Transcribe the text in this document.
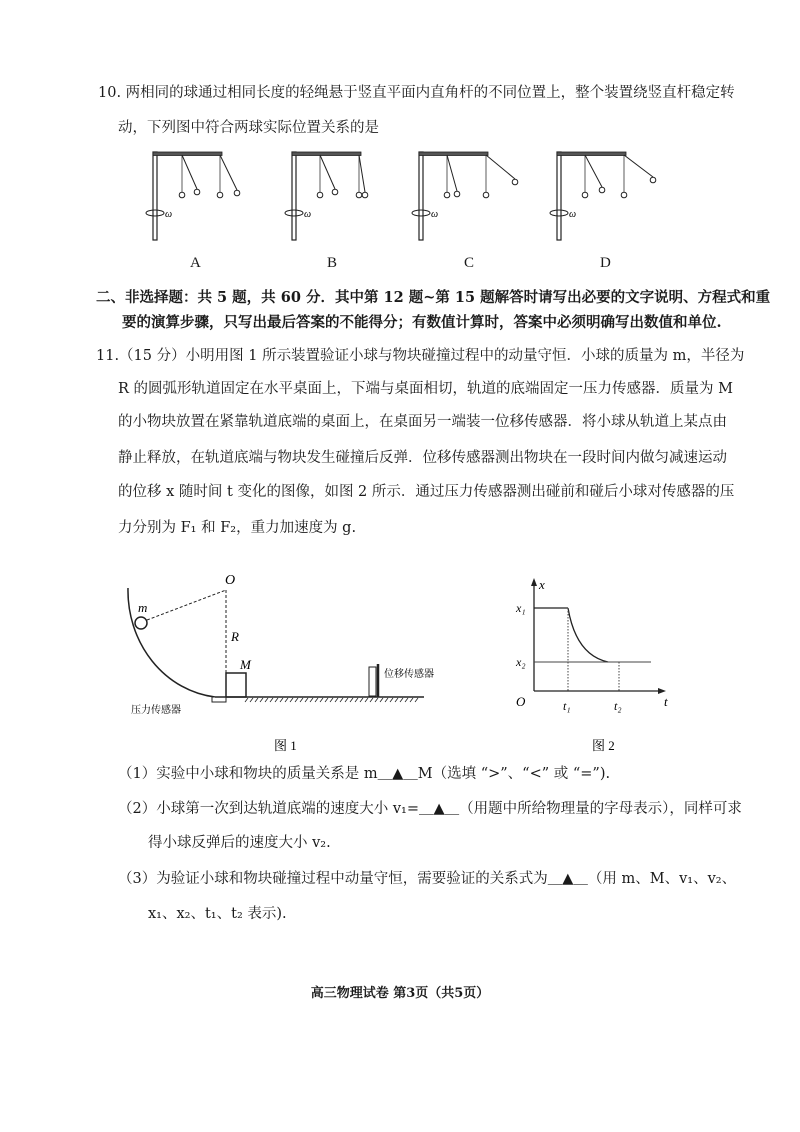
10. 两相同的球通过相同长度的轻绳悬于竖直平面内直角杆的不同位置上，整个装置绕竖直杆稳定转
动，下列图中符合两球实际位置关系的是
ω	ω	ω	ω
A	B	C	D
二、非选择题：共 5 题，共 60 分．其中第 12 题~第 15 题解答时请写出必要的文字说明、方程式和重
要的演算步骤，只写出最后答案的不能得分；有数值计算时，答案中必须明确写出数值和单位.
11.（15 分）小明用图 1 所示装置验证小球与物块碰撞过程中的动量守恒．小球的质量为 m，半径为
R 的圆弧形轨道固定在水平桌面上，下端与桌面相切，轨道的底端固定一压力传感器．质量为 M
的小物块放置在紧靠轨道底端的桌面上，在桌面另一端装一位移传感器．将小球从轨道上某点由
静止释放，在轨道底端与物块发生碰撞后反弹．位移传感器测出物块在一段时间内做匀减速运动
的位移 x 随时间 t 变化的图像，如图 2 所示．通过压力传感器测出碰前和碰后小球对传感器的压
力分别为 F₁ 和 F₂，重力加速度为 g.
O
m
R
M
压力传感器
位移传感器
图 1
x
x₁
x₂
O	t₁	t₂	t
图 2
（1）实验中小球和物块的质量关系是 m＿▲＿M（选填 “>”、“<” 或 “=”).
（2）小球第一次到达轨道底端的速度大小 v₁=＿▲＿（用题中所给物理量的字母表示），同样可求
得小球反弹后的速度大小 v₂.
（3）为验证小球和物块碰撞过程中动量守恒，需要验证的关系式为＿▲＿（用 m、M、v₁、v₂、
x₁、x₂、t₁、t₂ 表示).
高三物理试卷 第3页（共5页）
